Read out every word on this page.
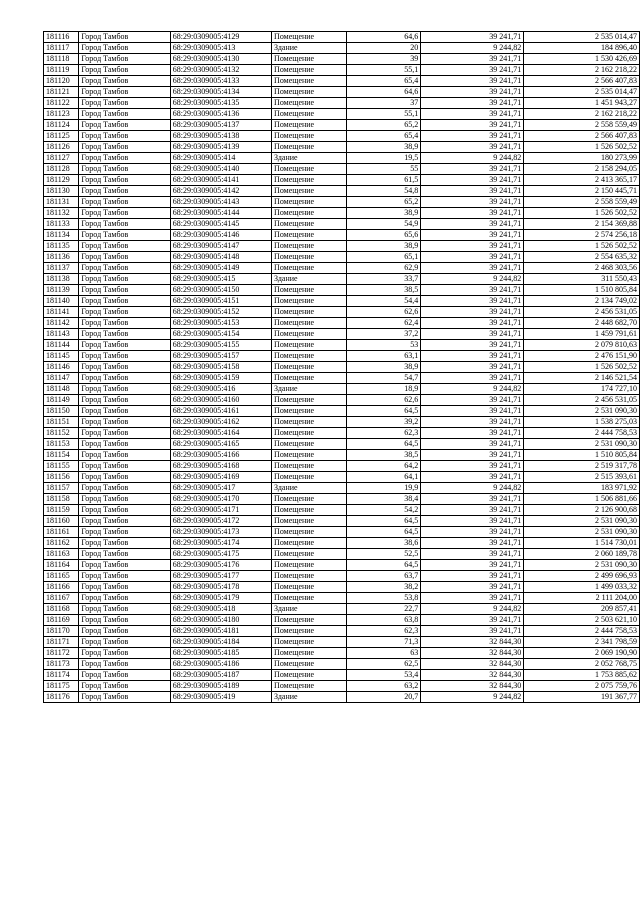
181116	Город Тамбов	68:29:0309005:4129	Помещение	64,6	39 241,71	2 535 014,47
181117	Город Тамбов	68:29:0309005:413	Здание	20	9 244,82	184 896,40
181118	Город Тамбов	68:29:0309005:4130	Помещение	39	39 241,71	1 530 426,69
181119	Город Тамбов	68:29:0309005:4132	Помещение	55,1	39 241,71	2 162 218,22
181120	Город Тамбов	68:29:0309005:4133	Помещение	65,4	39 241,71	2 566 407,83
181121	Город Тамбов	68:29:0309005:4134	Помещение	64,6	39 241,71	2 535 014,47
181122	Город Тамбов	68:29:0309005:4135	Помещение	37	39 241,71	1 451 943,27
181123	Город Тамбов	68:29:0309005:4136	Помещение	55,1	39 241,71	2 162 218,22
181124	Город Тамбов	68:29:0309005:4137	Помещение	65,2	39 241,71	2 558 559,49
181125	Город Тамбов	68:29:0309005:4138	Помещение	65,4	39 241,71	2 566 407,83
181126	Город Тамбов	68:29:0309005:4139	Помещение	38,9	39 241,71	1 526 502,52
181127	Город Тамбов	68:29:0309005:414	Здание	19,5	9 244,82	180 273,99
181128	Город Тамбов	68:29:0309005:4140	Помещение	55	39 241,71	2 158 294,05
181129	Город Тамбов	68:29:0309005:4141	Помещение	61,5	39 241,71	2 413 365,17
181130	Город Тамбов	68:29:0309005:4142	Помещение	54,8	39 241,71	2 150 445,71
181131	Город Тамбов	68:29:0309005:4143	Помещение	65,2	39 241,71	2 558 559,49
181132	Город Тамбов	68:29:0309005:4144	Помещение	38,9	39 241,71	1 526 502,52
181133	Город Тамбов	68:29:0309005:4145	Помещение	54,9	39 241,71	2 154 369,88
181134	Город Тамбов	68:29:0309005:4146	Помещение	65,6	39 241,71	2 574 256,18
181135	Город Тамбов	68:29:0309005:4147	Помещение	38,9	39 241,71	1 526 502,52
181136	Город Тамбов	68:29:0309005:4148	Помещение	65,1	39 241,71	2 554 635,32
181137	Город Тамбов	68:29:0309005:4149	Помещение	62,9	39 241,71	2 468 303,56
181138	Город Тамбов	68:29:0309005:415	Здание	33,7	9 244,82	311 550,43
181139	Город Тамбов	68:29:0309005:4150	Помещение	38,5	39 241,71	1 510 805,84
181140	Город Тамбов	68:29:0309005:4151	Помещение	54,4	39 241,71	2 134 749,02
181141	Город Тамбов	68:29:0309005:4152	Помещение	62,6	39 241,71	2 456 531,05
181142	Город Тамбов	68:29:0309005:4153	Помещение	62,4	39 241,71	2 448 682,70
181143	Город Тамбов	68:29:0309005:4154	Помещение	37,2	39 241,71	1 459 791,61
181144	Город Тамбов	68:29:0309005:4155	Помещение	53	39 241,71	2 079 810,63
181145	Город Тамбов	68:29:0309005:4157	Помещение	63,1	39 241,71	2 476 151,90
181146	Город Тамбов	68:29:0309005:4158	Помещение	38,9	39 241,71	1 526 502,52
181147	Город Тамбов	68:29:0309005:4159	Помещение	54,7	39 241,71	2 146 521,54
181148	Город Тамбов	68:29:0309005:416	Здание	18,9	9 244,82	174 727,10
181149	Город Тамбов	68:29:0309005:4160	Помещение	62,6	39 241,71	2 456 531,05
181150	Город Тамбов	68:29:0309005:4161	Помещение	64,5	39 241,71	2 531 090,30
181151	Город Тамбов	68:29:0309005:4162	Помещение	39,2	39 241,71	1 538 275,03
181152	Город Тамбов	68:29:0309005:4164	Помещение	62,3	39 241,71	2 444 758,53
181153	Город Тамбов	68:29:0309005:4165	Помещение	64,5	39 241,71	2 531 090,30
181154	Город Тамбов	68:29:0309005:4166	Помещение	38,5	39 241,71	1 510 805,84
181155	Город Тамбов	68:29:0309005:4168	Помещение	64,2	39 241,71	2 519 317,78
181156	Город Тамбов	68:29:0309005:4169	Помещение	64,1	39 241,71	2 515 393,61
181157	Город Тамбов	68:29:0309005:417	Здание	19,9	9 244,82	183 971,92
181158	Город Тамбов	68:29:0309005:4170	Помещение	38,4	39 241,71	1 506 881,66
181159	Город Тамбов	68:29:0309005:4171	Помещение	54,2	39 241,71	2 126 900,68
181160	Город Тамбов	68:29:0309005:4172	Помещение	64,5	39 241,71	2 531 090,30
181161	Город Тамбов	68:29:0309005:4173	Помещение	64,5	39 241,71	2 531 090,30
181162	Город Тамбов	68:29:0309005:4174	Помещение	38,6	39 241,71	1 514 730,01
181163	Город Тамбов	68:29:0309005:4175	Помещение	52,5	39 241,71	2 060 189,78
181164	Город Тамбов	68:29:0309005:4176	Помещение	64,5	39 241,71	2 531 090,30
181165	Город Тамбов	68:29:0309005:4177	Помещение	63,7	39 241,71	2 499 696,93
181166	Город Тамбов	68:29:0309005:4178	Помещение	38,2	39 241,71	1 499 033,32
181167	Город Тамбов	68:29:0309005:4179	Помещение	53,8	39 241,71	2 111 204,00
181168	Город Тамбов	68:29:0309005:418	Здание	22,7	9 244,82	209 857,41
181169	Город Тамбов	68:29:0309005:4180	Помещение	63,8	39 241,71	2 503 621,10
181170	Город Тамбов	68:29:0309005:4181	Помещение	62,3	39 241,71	2 444 758,53
181171	Город Тамбов	68:29:0309005:4184	Помещение	71,3	32 844,30	2 341 798,59
181172	Город Тамбов	68:29:0309005:4185	Помещение	63	32 844,30	2 069 190,90
181173	Город Тамбов	68:29:0309005:4186	Помещение	62,5	32 844,30	2 052 768,75
181174	Город Тамбов	68:29:0309005:4187	Помещение	53,4	32 844,30	1 753 885,62
181175	Город Тамбов	68:29:0309005:4189	Помещение	63,2	32 844,30	2 075 759,76
181176	Город Тамбов	68:29:0309005:419	Здание	20,7	9 244,82	191 367,77
